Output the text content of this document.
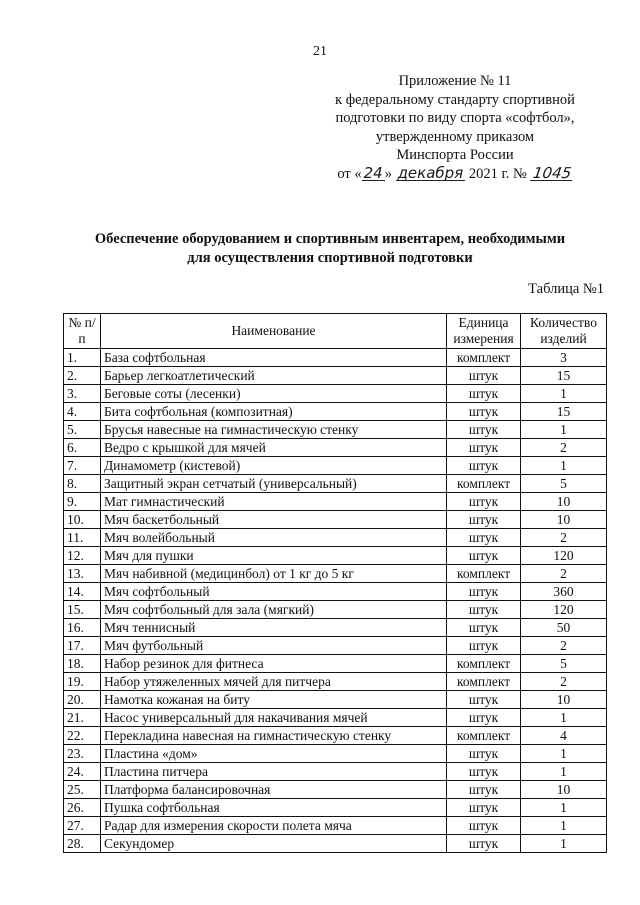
21
Приложение № 11
к федеральному стандарту спортивной
подготовки по виду спорта «софтбол»,
утвержденному приказом
Минспорта России
от « 24 » декабря 2021 г. № 1045
Обеспечение оборудованием и спортивным инвентарем, необходимыми
для осуществления спортивной подготовки
Таблица №1
№ п/п	Наименование	Единица измерения	Количество изделий
1.	База софтбольная	комплект	3
2.	Барьер легкоатлетический	штук	15
3.	Беговые соты (лесенки)	штук	1
4.	Бита софтбольная (композитная)	штук	15
5.	Брусья навесные на гимнастическую стенку	штук	1
6.	Ведро с крышкой для мячей	штук	2
7.	Динамометр (кистевой)	штук	1
8.	Защитный экран сетчатый (универсальный)	комплект	5
9.	Мат гимнастический	штук	10
10.	Мяч баскетбольный	штук	10
11.	Мяч волейбольный	штук	2
12.	Мяч для пушки	штук	120
13.	Мяч набивной (медицинбол) от 1 кг до 5 кг	комплект	2
14.	Мяч софтбольный	штук	360
15.	Мяч софтбольный для зала (мягкий)	штук	120
16.	Мяч теннисный	штук	50
17.	Мяч футбольный	штук	2
18.	Набор резинок для фитнеса	комплект	5
19.	Набор утяжеленных мячей для питчера	комплект	2
20.	Намотка кожаная на биту	штук	10
21.	Насос универсальный для накачивания мячей	штук	1
22.	Перекладина навесная на гимнастическую стенку	комплект	4
23.	Пластина «дом»	штук	1
24.	Пластина питчера	штук	1
25.	Платформа балансировочная	штук	10
26.	Пушка софтбольная	штук	1
27.	Радар для измерения скорости полета мяча	штук	1
28.	Секундомер	штук	1
